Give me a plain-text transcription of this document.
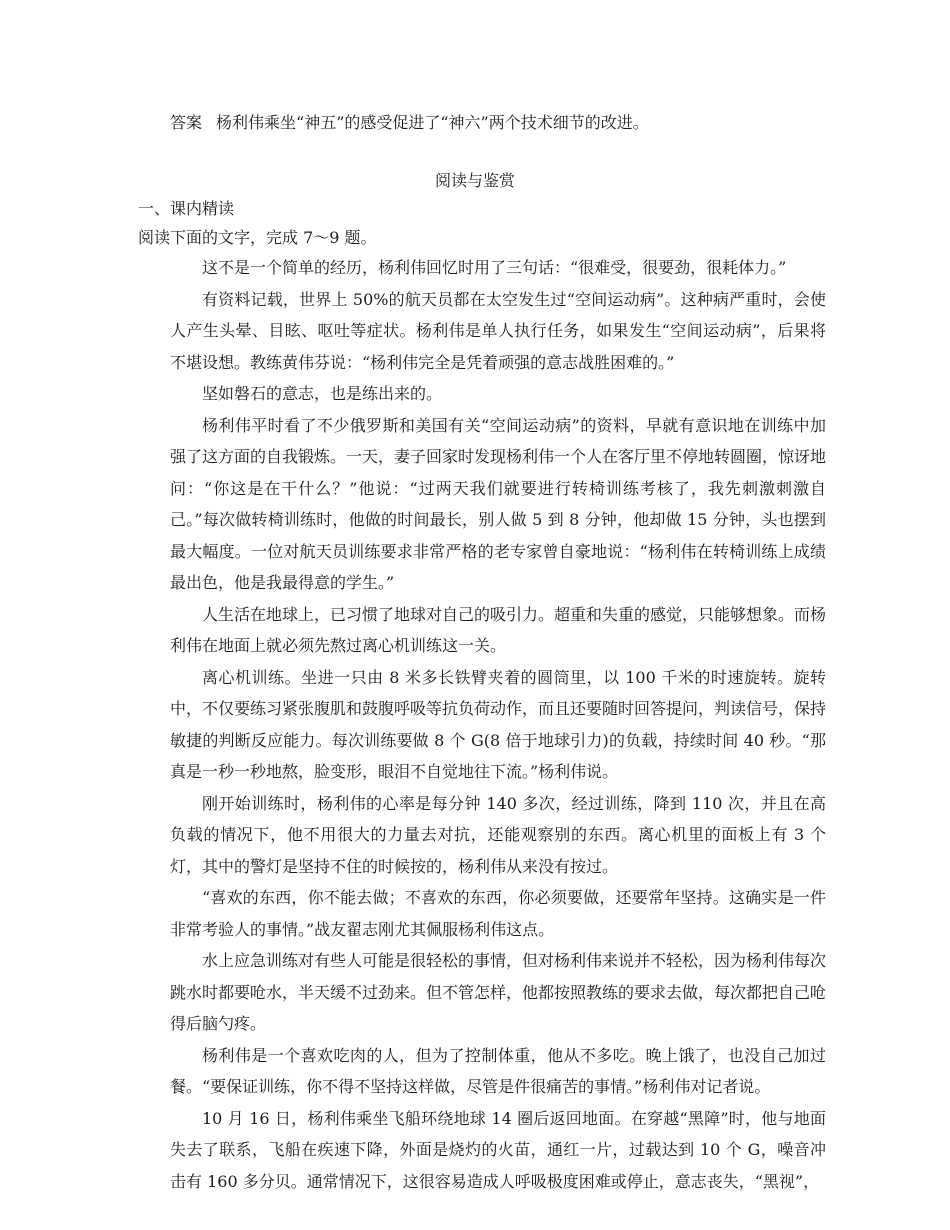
答案 杨利伟乘坐“神五”的感受促进了“神六”两个技术细节的改进。
阅读与鉴赏
一、课内精读
阅读下面的文字，完成 7～9 题。

这不是一个简单的经历，杨利伟回忆时用了三句话：“很难受，很要劲，很耗体力。”

有资料记载，世界上 50%的航天员都在太空发生过“空间运动病”。这种病严重时，会使人产生头晕、目眩、呕吐等症状。杨利伟是单人执行任务，如果发生“空间运动病”，后果将不堪设想。教练黄伟芬说：“杨利伟完全是凭着顽强的意志战胜困难的。”

坚如磐石的意志，也是练出来的。

杨利伟平时看了不少俄罗斯和美国有关“空间运动病”的资料，早就有意识地在训练中加强了这方面的自我锻炼。一天，妻子回家时发现杨利伟一个人在客厅里不停地转圆圈，惊讶地问：“你这是在干什么？”他说：“过两天我们就要进行转椅训练考核了，我先刺激刺激自己。”每次做转椅训练时，他做的时间最长，别人做 5 到 8 分钟，他却做 15 分钟，头也摆到最大幅度。一位对航天员训练要求非常严格的老专家曾自豪地说：“杨利伟在转椅训练上成绩最出色，他是我最得意的学生。”

人生活在地球上，已习惯了地球对自己的吸引力。超重和失重的感觉，只能够想象。而杨利伟在地面上就必须先熬过离心机训练这一关。

离心机训练。坐进一只由 8 米多长铁臂夹着的圆筒里，以 100 千米的时速旋转。旋转中，不仅要练习紧张腹肌和鼓腹呼吸等抗负荷动作，而且还要随时回答提问，判读信号，保持敏捷的判断反应能力。每次训练要做 8 个 G(8 倍于地球引力)的负载，持续时间 40 秒。“那真是一秒一秒地熬，脸变形，眼泪不自觉地往下流。”杨利伟说。

刚开始训练时，杨利伟的心率是每分钟 140 多次，经过训练，降到 110 次，并且在高负载的情况下，他不用很大的力量去对抗，还能观察别的东西。离心机里的面板上有 3 个灯，其中的警灯是坚持不住的时候按的，杨利伟从来没有按过。

“喜欢的东西，你不能去做；不喜欢的东西，你必须要做，还要常年坚持。这确实是一件非常考验人的事情。”战友翟志刚尤其佩服杨利伟这点。

水上应急训练对有些人可能是很轻松的事情，但对杨利伟来说并不轻松，因为杨利伟每次跳水时都要呛水，半天缓不过劲来。但不管怎样，他都按照教练的要求去做，每次都把自己呛得后脑勺疼。

杨利伟是一个喜欢吃肉的人，但为了控制体重，他从不多吃。晚上饿了，也没自己加过餐。“要保证训练，你不得不坚持这样做，尽管是件很痛苦的事情。”杨利伟对记者说。

10 月 16 日，杨利伟乘坐飞船环绕地球 14 圈后返回地面。在穿越“黑障”时，他与地面失去了联系，飞船在疾速下降，外面是烧灼的火苗，通红一片，过载达到 10 个 G，噪音冲击有 160 多分贝。通常情况下，这很容易造成人呼吸极度困难或停止，意志丧失，“黑视”，
